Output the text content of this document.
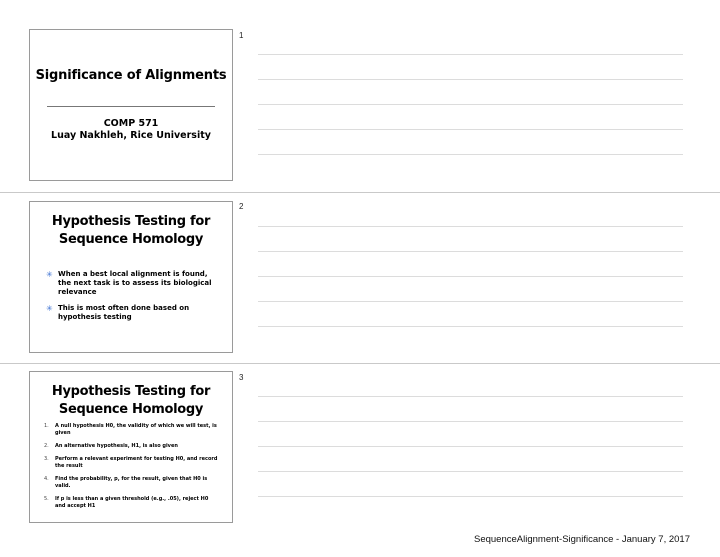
Significance of Alignments
COMP 571
Luay Nakhleh, Rice University
1
Hypothesis Testing for
Sequence Homology
✳ When a best local alignment is found, the next task is to assess its biological relevance
✳ This is most often done based on hypothesis testing
2
Hypothesis Testing for
Sequence Homology
1. A null hypothesis H0, the validity of which we will test, is given
2. An alternative hypothesis, H1, is also given
3. Perform a relevant experiment for testing H0, and record the result
4. Find the probability, p, for the result, given that H0 is valid.
5. If p is less than a given threshold (e.g., .05), reject H0 and accept H1
3
SequenceAlignment-Significance - January 7, 2017
